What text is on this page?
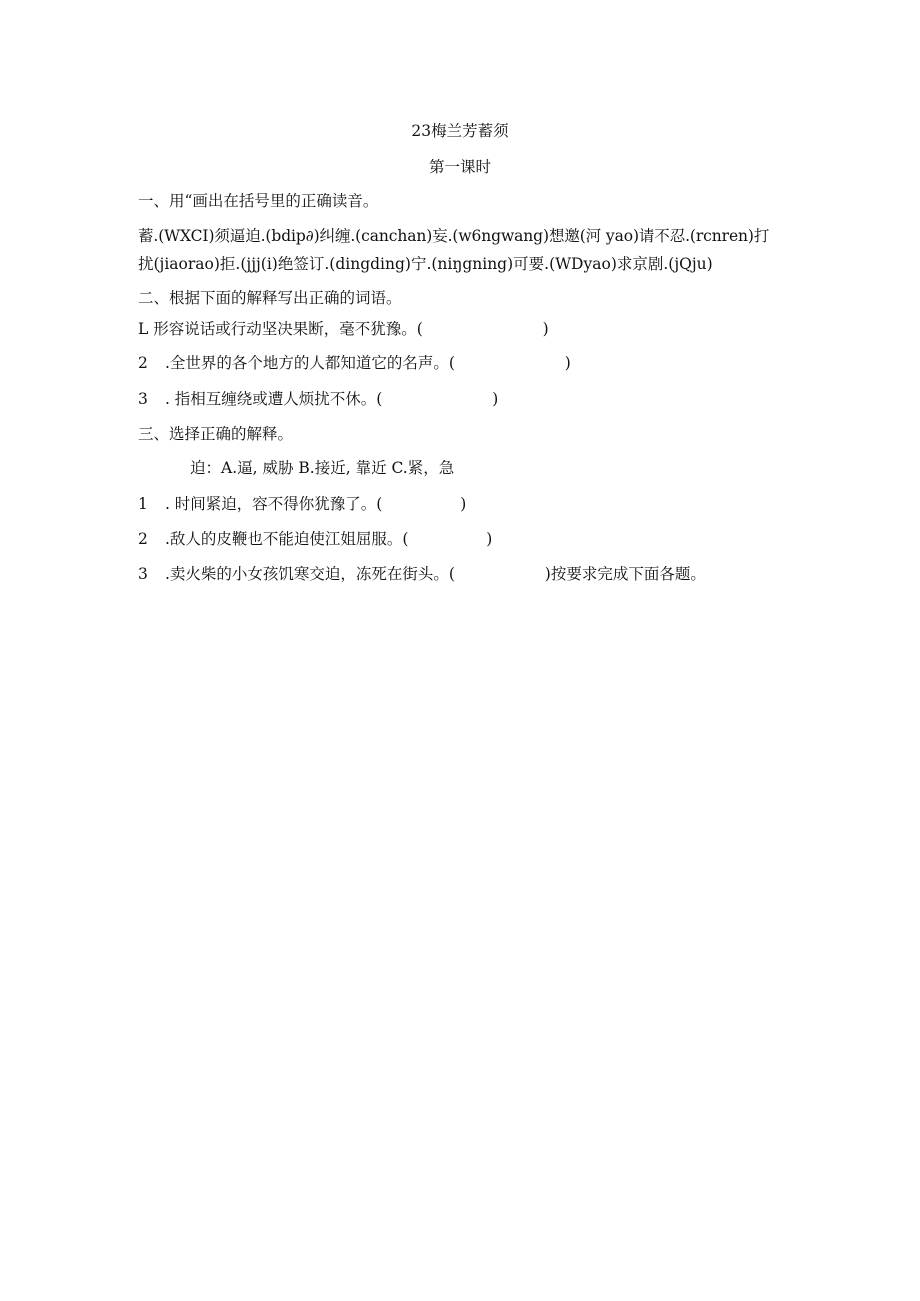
23梅兰芳蓄须
第一课时
一、用“画出在括号里的正确读音。
蓄.(WXCI)须逼迫.(bdip∂)纠缠.(canchan)妄.(w6ngwang)想邀(河 yao)请不忍.(rcnren)打
扰(jiaorao)拒.(jjj(i)绝签订.(dingding)宁.(niŋgning)可要.(WDyao)求京剧.(jQju)
二、根据下面的解释写出正确的词语。
L 形容说话或行动坚决果断，毫不犹豫。(	)
2 .全世界的各个地方的人都知道它的名声。(	)
3 . 指相互缠绕或遭人烦扰不休。(	)
三、选择正确的解释。
迫：A.逼, 威胁 B.接近, 靠近 C.紧，急
1 . 时间紧迫，容不得你犹豫了。(	)
2 .敌人的皮鞭也不能迫使江姐屈服。(	)
3 .卖火柴的小女孩饥寒交迫，冻死在街头。(	)按要求完成下面各题。
